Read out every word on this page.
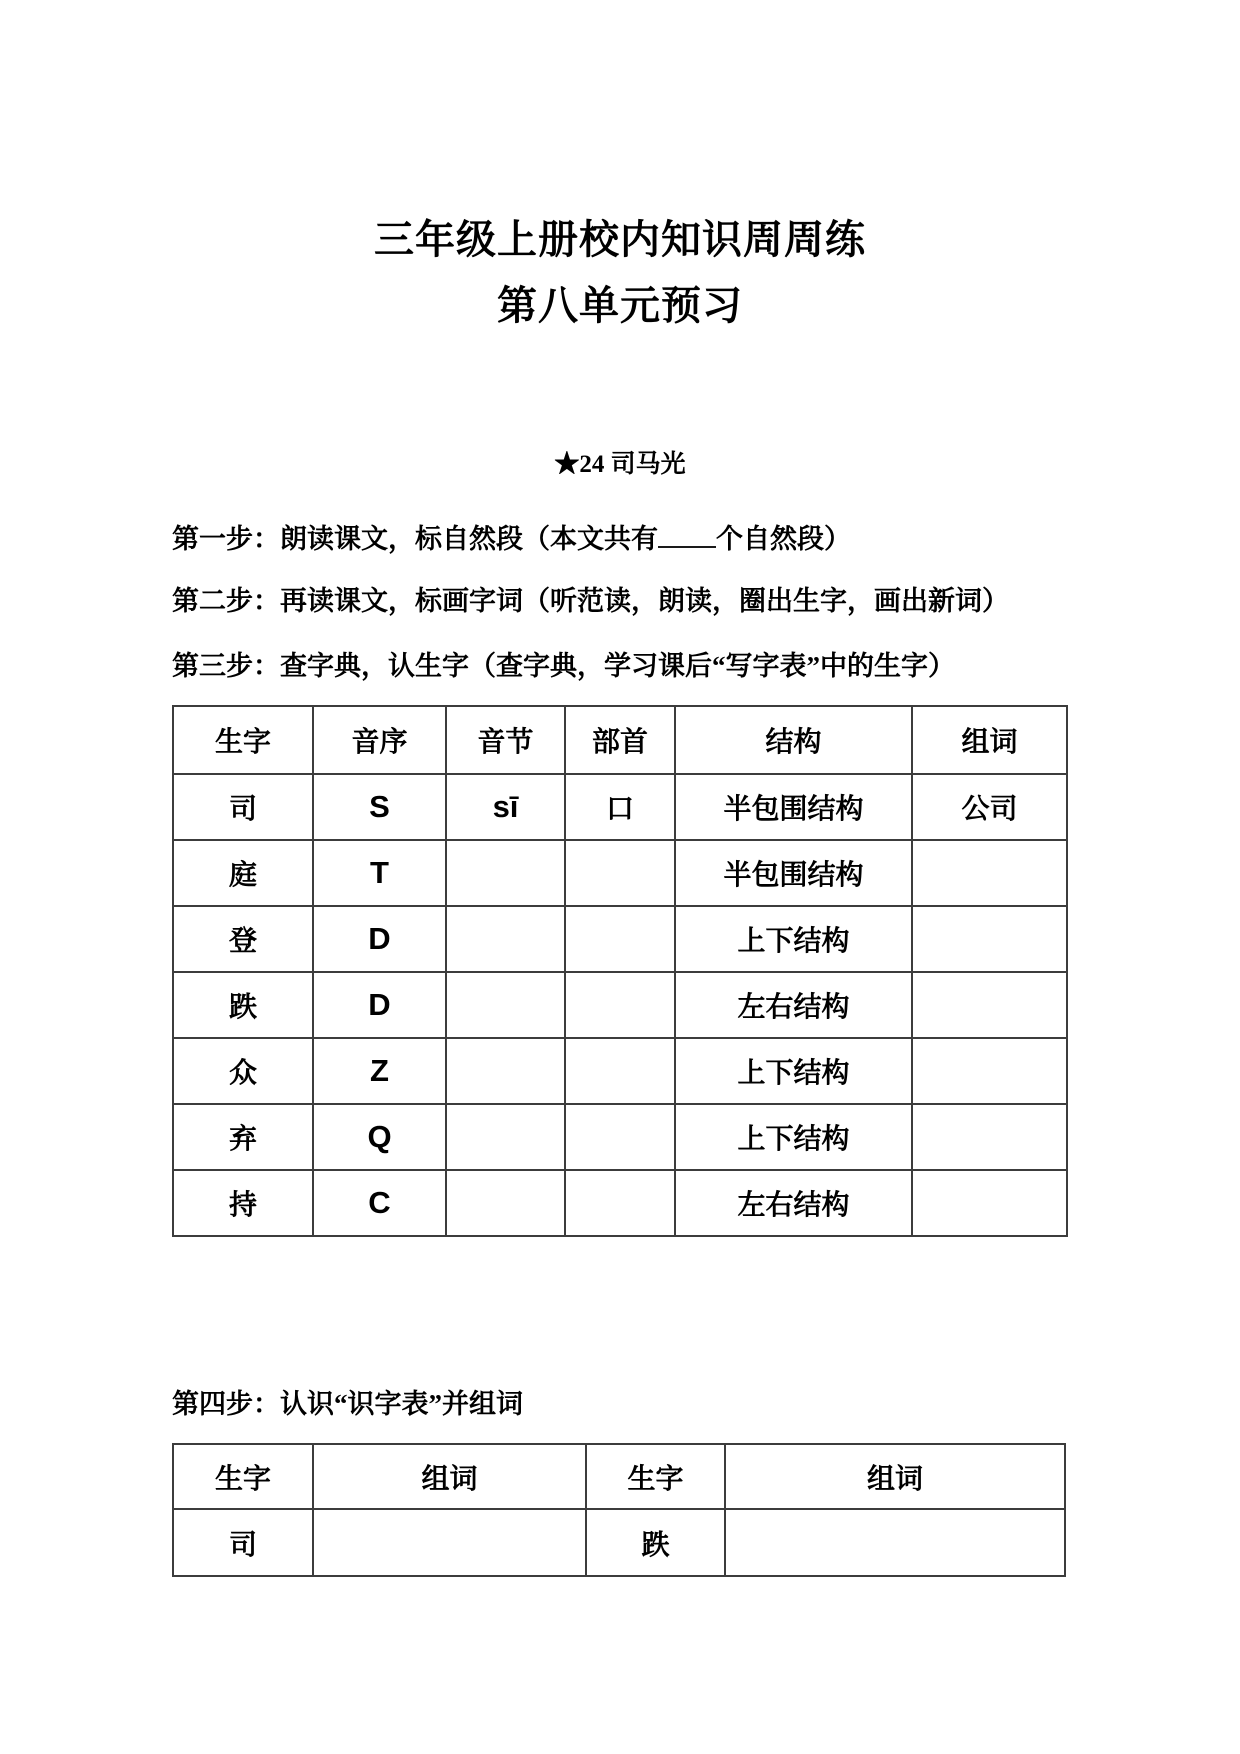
三年级上册校内知识周周练
第八单元预习
★24 司马光
第一步：朗读课文，标自然段（本文共有 个自然段）
第二步：再读课文，标画字词（听范读，朗读，圈出生字，画出新词）
第三步：查字典，认生字（查字典，学习课后“写字表”中的生字）
生字	音序	音节	部首	结构	组词
司	S	sī	口	半包围结构	公司
庭	T			半包围结构	
登	D			上下结构	
跌	D			左右结构	
众	Z			上下结构	
弃	Q			上下结构	
持	C			左右结构	
第四步：认识“识字表”并组词
生字	组词	生字	组词
司		跌	
